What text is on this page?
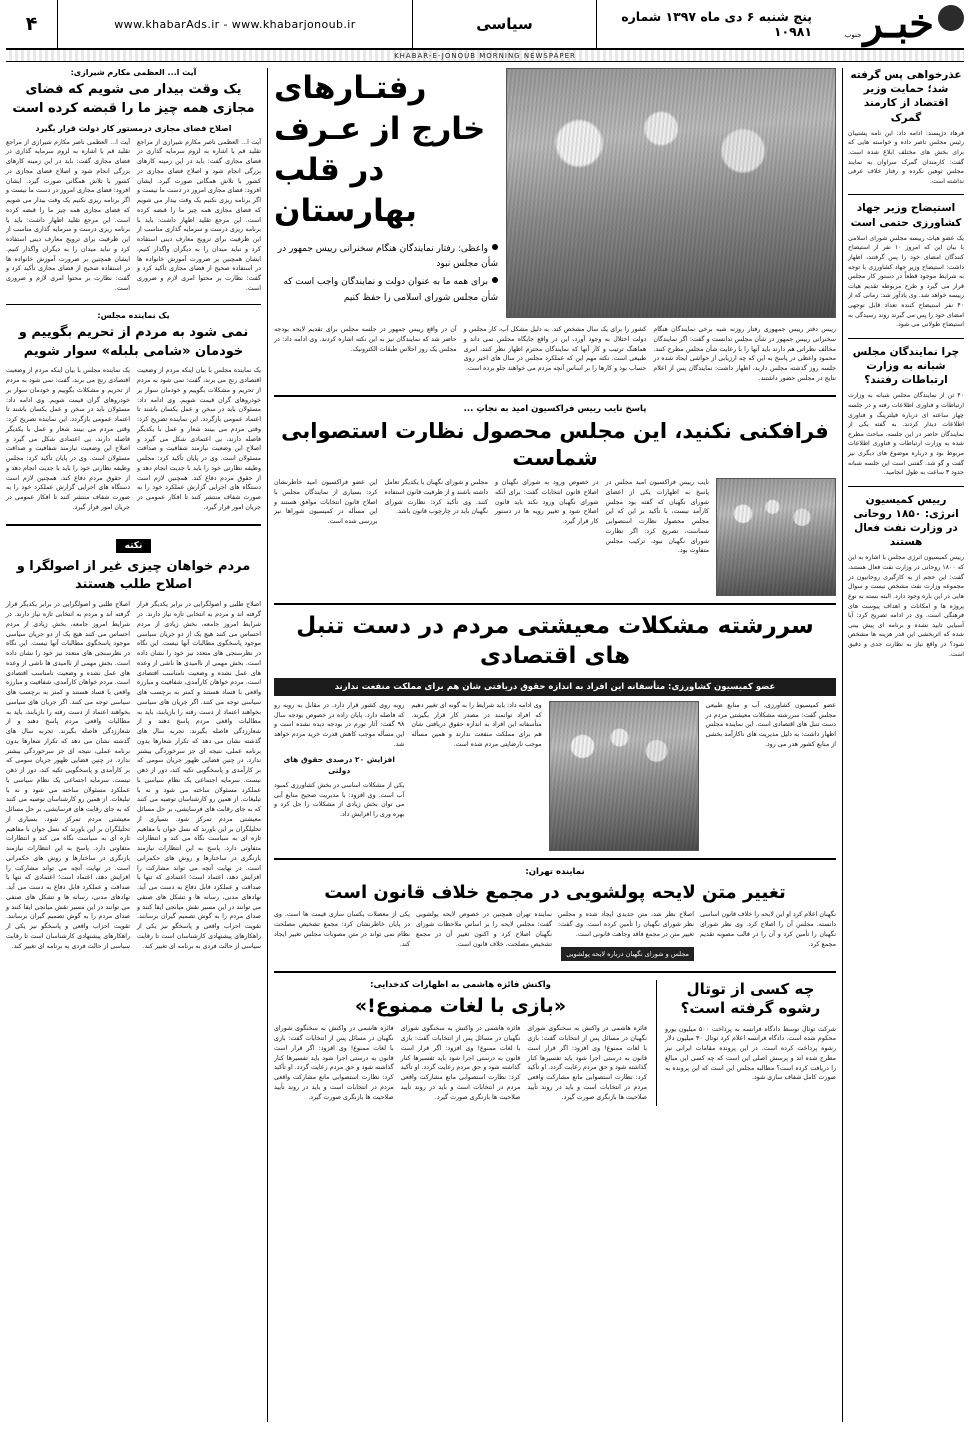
خبـر
جنوب
پنج شنبه ۶ دی ماه ۱۳۹۷ شماره ۱۰۹۸۱
سیاسی
www.khabarAds.ir - www.khabarjonoub.ir
۴
KHABAR-E-JONOUB MORNING NEWSPAPER
عذرخواهی پس گرفته شد؛ حمایت وزیر اقتصاد از کارمند گمرک

فرهاد دژپسند: ادامه داد: این نامه پشتیبان رئیس مجلس ناصر داده و خواسته هایی که برای بخش های مختلف ابلاغ شده است. گفت: کارمندان گمرک سراوان به نمایند مجلس توهین نکرده و رفتار خلاف عرفی نداشته است.

استیضاح وزیر جهاد کشاورزی حتمی است

یک عضو هیات رییسه مجلس شورای اسلامی با بیان این که امروز ۱۰ نفر از استیضاح کنندگان امضای خود را پس گرفتند، اظهار داشت: استیضاح وزیر جهاد کشاورزی با توجه به شرایط موجود قطعاً در دستور کار مجلس قرار می گیرد و طرح مربوطه تقدیم هیات رییسه خواهد شد. وی یادآور شد: زمانی که از ۴۰ نفر استیضاح کننده تعداد قابل توجهی امضای خود را پس می گیرند روند رسیدگی به استیضاح طولانی می شود.

چرا نمایندگان مجلس شبانه به وزارت ارتباطات رفتند؟

۴۰ تن از نمایندگان مجلس شبانه به وزارت ارتباطات و فناوری اطلاعات رفته و در جلسه چهار ساعته ای درباره فیلترینگ و فناوری اطلاعات دیدار کردند. به گفته یکی از نمایندگان حاضر در این جلسه، مباحث مطرح شده به وزارت ارتباطات و فناوری اطلاعات مربوط بود و درباره موضوع های دیگری نیز گفت و گو شد. گفتنی است این جلسه شبانه حدود ۳ ساعت به طول انجامید.

رییس کمیسیون انرژی: ۱۸۵۰ روحانی در وزارت نفت فعال هستند

رییس کمیسیون انرژی مجلس با اشاره به این که ۱۸۰۰ روحانی در وزارت نفت فعال هستند، گفت: این حجم از به کارگیری روحانیون در مجموعه وزارت نفت مشخص نیست و سوال هایی در این باره وجود دارد. البته بسته به نوع پروژه ها و امکانات و اهداف پیوست های فرهنگی است. وی در ادامه تصریح کرد: آیا آسیایی تایید نشده و برنامه ای پیش بینی شده که اثربخشی این قدر هزینه ها مشخص شود؟ در واقع نیاز به نظارت جدی و دقیق است.

رفتـارهای
خارج از عـرف
در قلب بهارستان
واعظی: رفتار نمایندگان هنگام سخنرانی رییس جمهور در شأن مجلس نبود
برای همه ما به عنوان دولت و نمایندگان واجب است که شأن مجلس شورای اسلامی را حفظ کنیم

رییس دفتر رییس جمهوری رفتار روزنه شبه برخی نمایندگان هنگام سخنرانی رییس جمهور در شأن مجلس ندانست و گفت: اگر نمایندگان مخالف نظراتی هم دارند باید آنها را با رعایت شأن مجلس مطرح کنند. محمود واعظی در پاسخ به این که چه ارزیابی از حواشی ایجاد شده در جلسه روز گذشته مجلس دارید، اظهار داشت: نمایندگان پس از اعلام نتایج در مجلس حضور داشتند.

کشور را برای یک سال مشخص کند. به دلیل مشکل آب، کار مجلس و دولت اختلال به وجود آورد، این در واقع جایگاه مجلس نمی داند و هماهنگ ترتیب و کار آنها که نمایندگان محترم اظهار نظر کنند، امری طبیعی است. نکته مهم این که عملکرد مجلس در سال های اخیر روی حساب بود و کارها را بر اساس آنچه مردم می خواهند جلو برده است.

آن در واقع رییس جمهور در جلسه مجلس برای تقدیم لایحه بودجه حاضر شد که نمایندگان نیز به این نکته اشاره کردند. وی ادامه داد: در مجلس یک روز اجلاس طبقات الکترونیک.

پاسخ نایب رییس فراکسیون امید به نجاتِ ...
فرافکنی نکنید، این مجلس محصول نظارت استصوابی شماست

نایب رییس فراکسیون امید مجلس در پاسخ به اظهارات یکی از اعضای شورای نگهبان که گفته بود مجلس کارآمد نیست، با تأکید بر این که این مجلس محصول نظارت استصوابی شماست، تصریح کرد: اگر نظارت شورای نگهبان نبود، ترکیب مجلس متفاوت بود.

در خصوص ورود به شورای نگهبان و اصلاح قانون انتخابات گفت: برای آنکه شورای نگهبان ورود نکند باید قانون اصلاح شود و تغییر رویه ها در دستور کار قرار گیرد.

مجلس و شورای نگهبان با یکدیگر تعامل داشته باشند و از ظرفیت قانون استفاده کنند. وی تأکید کرد: نظارت شورای نگهبان باید در چارچوب قانون باشد.

این عضو فراکسیون امید خاطرنشان کرد: بسیاری از نمایندگان مجلس با اصلاح قانون انتخابات موافق هستند و این مسأله در کمیسیون شوراها نیز بررسی شده است.

سررشته مشکلات معیشتی مردم در دست تنبل های اقتصادی
عضو کمیسیون کشاورزی: متأسفانه این افراد به اندازه حقوق دریافتی شان هم برای مملکت منفعت ندارند

عضو کمیسیون کشاورزی، آب و منابع طبیعی مجلس گفت: سررشته مشکلات معیشتی مردم در دست تنبل های اقتصادی است. این نماینده مجلس اظهار داشت: به دلیل مدیریت های ناکارآمد بخشی از منابع کشور هدر می رود.

وی ادامه داد: باید شرایط را به گونه ای تغییر دهیم که افراد توانمند در مصدر کار قرار بگیرند. متأسفانه این افراد به اندازه حقوق دریافتی شان هم برای مملکت منفعت ندارند و همین مسأله موجب نارضایتی مردم شده است.

روبه روی کشور قرار دارد. در مقابل به روبه رو که فاصله دارد. پایان زاده در خصوص بودجه سال ۹۸ گفت: آثار تورم در بودجه دیده نشده است و این مسأله موجب کاهش قدرت خرید مردم خواهد شد.

افزایش ۲۰ درصدی حقوق های دولتی

یکی از مشکلات اساسی در بخش کشاورزی کمبود آب است. وی افزود: با مدیریت صحیح منابع آبی می توان بخش زیادی از مشکلات را حل کرد و بهره وری را افزایش داد.

نماینده تهران:
تغییر متن لایحه پولشویی در مجمع خلاف قانون است

نگهبان اعلام کرد او این لایحه را خلاف قانون اساسی دانسته. مجلس آن را اصلاح کرد. وی نظر شورای نگهبان را تأمین کرد و آن را در قالب مصوبه تقدیم مجمع کرد.

اصلاح نظر شد، متن جدیدی ایجاد شده و مجلس نظر شورای نگهبان را تأمین کرده است. وی گفت: تغییر متن در مجمع فاقد وجاهت قانونی است.

مجلس و شورای نگهبان درباره لایحه پولشویی

نماینده تهران همچنین در خصوص لایحه پولشویی گفت: مجلس لایحه را بر اساس ملاحظات شورای نگهبان اصلاح کرد و اکنون تغییر آن در مجمع تشخیص مصلحت، خلاف قانون است.

یکی از معضلات یکسان سازی قیمت ها است. وی در پایان خاطرنشان کرد: مجمع تشخیص مصلحت نظام نمی تواند در متن مصوبات مجلس تغییر ایجاد کند.

چه کسی از توتال رشوه گرفته است؟

شرکت توتال توسط دادگاه فرانسه به پرداخت ۵۰۰ میلیون یورو محکوم شده است. دادگاه فرانسه اعلام کرد توتال ۳۰ میلیون دلار رشوه پرداخت کرده است. در این پرونده مقامات ایرانی نیز مطرح شده اند و پرسش اصلی این است که چه کسی این مبالغ را دریافت کرده است؟ مطالبه مجلس این است که این پرونده به صورت کامل شفاف سازی شود.

واکنش فائزه هاشمی به اظهارات کدخدایی:
«بازی با لغات ممنوع!»

فائزه هاشمی در واکنش به سخنگوی شورای نگهبان در مسائل پس از انتخابات گفت: بازی با لغات ممنوع! وی افزود: اگر قرار است قانون به درستی اجرا شود باید تفسیرها کنار گذاشته شود و حق مردم رعایت گردد. او تأکید کرد: نظارت استصوابی مانع مشارکت واقعی مردم در انتخابات است و باید در روند تأیید صلاحیت ها بازنگری صورت گیرد.

فائزه هاشمی در واکنش به سخنگوی شورای نگهبان در مسائل پس از انتخابات گفت: بازی با لغات ممنوع! وی افزود: اگر قرار است قانون به درستی اجرا شود باید تفسیرها کنار گذاشته شود و حق مردم رعایت گردد. او تأکید کرد: نظارت استصوابی مانع مشارکت واقعی مردم در انتخابات است و باید در روند تأیید صلاحیت ها بازنگری صورت گیرد.

فائزه هاشمی در واکنش به سخنگوی شورای نگهبان در مسائل پس از انتخابات گفت: بازی با لغات ممنوع! وی افزود: اگر قرار است قانون به درستی اجرا شود باید تفسیرها کنار گذاشته شود و حق مردم رعایت گردد. او تأکید کرد: نظارت استصوابی مانع مشارکت واقعی مردم در انتخابات است و باید در روند تأیید صلاحیت ها بازنگری صورت گیرد.

آیت ا... العظمی مکارم شیرازی:
یک وقت بیدار می شویم که فضای مجازی همه چیز ما را قبضه کرده است
اصلاح فضای مجازی درمستور کار دولت قرار بگیرد

آیت ا... العظمی ناصر مکارم شیرازی از مراجع تقلید قم با اشاره به لزوم سرمایه گذاری در فضای مجازی گفت: باید در این زمینه کارهای بزرگی انجام شود و اصلاح فضای مجازی در کشور با تلاش همگانی صورت گیرد. ایشان افزود: فضای مجازی امروز در دست ما نیست و اگر برنامه ریزی نکنیم یک وقت بیدار می شویم که فضای مجازی همه چیز ما را قبضه کرده است. این مرجع تقلید اظهار داشت: باید با برنامه ریزی درست و سرمایه گذاری مناسب از این ظرفیت برای ترویج معارف دینی استفاده کرد و نباید میدان را به دیگران واگذار کنیم. ایشان همچنین بر ضرورت آموزش خانواده ها در استفاده صحیح از فضای مجازی تأکید کرد و گفت: نظارت بر محتوا امری لازم و ضروری است.

آیت ا... العظمی ناصر مکارم شیرازی از مراجع تقلید قم با اشاره به لزوم سرمایه گذاری در فضای مجازی گفت: باید در این زمینه کارهای بزرگی انجام شود و اصلاح فضای مجازی در کشور با تلاش همگانی صورت گیرد. ایشان افزود: فضای مجازی امروز در دست ما نیست و اگر برنامه ریزی نکنیم یک وقت بیدار می شویم که فضای مجازی همه چیز ما را قبضه کرده است. این مرجع تقلید اظهار داشت: باید با برنامه ریزی درست و سرمایه گذاری مناسب از این ظرفیت برای ترویج معارف دینی استفاده کرد و نباید میدان را به دیگران واگذار کنیم. ایشان همچنین بر ضرورت آموزش خانواده ها در استفاده صحیح از فضای مجازی تأکید کرد و گفت: نظارت بر محتوا امری لازم و ضروری است.

یک نماینده مجلس:
نمی شود به مردم از تحریم بگوییم و خودمان «شامی بلبله» سوار شویم

یک نماینده مجلس با بیان اینکه مردم از وضعیت اقتصادی رنج می برند، گفت: نمی شود به مردم از تحریم و مشکلات بگوییم و خودمان سوار بر خودروهای گران قیمت شویم. وی ادامه داد: مسئولان باید در سخن و عمل یکسان باشند تا اعتماد عمومی بازگردد. این نماینده تصریح کرد: وقتی مردم می بینند شعار و عمل با یکدیگر فاصله دارند، بی اعتمادی شکل می گیرد و اصلاح این وضعیت نیازمند شفافیت و صداقت مسئولان است. وی در پایان تأکید کرد: مجلس وظیفه نظارتی خود را باید با جدیت انجام دهد و از حقوق مردم دفاع کند. همچنین لازم است دستگاه های اجرایی گزارش عملکرد خود را به صورت شفاف منتشر کنند تا افکار عمومی در جریان امور قرار گیرد.

یک نماینده مجلس با بیان اینکه مردم از وضعیت اقتصادی رنج می برند، گفت: نمی شود به مردم از تحریم و مشکلات بگوییم و خودمان سوار بر خودروهای گران قیمت شویم. وی ادامه داد: مسئولان باید در سخن و عمل یکسان باشند تا اعتماد عمومی بازگردد. این نماینده تصریح کرد: وقتی مردم می بینند شعار و عمل با یکدیگر فاصله دارند، بی اعتمادی شکل می گیرد و اصلاح این وضعیت نیازمند شفافیت و صداقت مسئولان است. وی در پایان تأکید کرد: مجلس وظیفه نظارتی خود را باید با جدیت انجام دهد و از حقوق مردم دفاع کند. همچنین لازم است دستگاه های اجرایی گزارش عملکرد خود را به صورت شفاف منتشر کنند تا افکار عمومی در جریان امور قرار گیرد.

نکته
مردم خواهان چیزی غیر از اصولگرا و اصلاح طلب هستند

اصلاح طلبی و اصولگرایی در برابر یکدیگر قرار گرفته اند و مردم به انتخابی تازه نیاز دارند. در شرایط امروز جامعه، بخش زیادی از مردم احساس می کنند هیچ یک از دو جریان سیاسی موجود پاسخگوی مطالبات آنها نیست. این نگاه در نظرسنجی های متعدد نیز خود را نشان داده است. بخش مهمی از ناامیدی ها ناشی از وعده های عمل نشده و وضعیت نامناسب اقتصادی است. مردم خواهان کارآمدی، شفافیت و مبارزه واقعی با فساد هستند و کمتر به برچسب های سیاسی توجه می کنند. اگر جریان های سیاسی بخواهند اعتماد از دست رفته را بازیابند، باید به مطالبات واقعی مردم پاسخ دهند و از شعارزدگی فاصله بگیرند. تجربه سال های گذشته نشان می دهد که تکرار شعارها بدون برنامه عملی، نتیجه ای جز سرخوردگی بیشتر ندارد. در چنین فضایی ظهور جریان سومی که بر کارآمدی و پاسخگویی تکیه کند، دور از ذهن نیست. سرمایه اجتماعی یک نظام سیاسی با عملکرد مسئولان ساخته می شود و نه با تبلیغات. از همین رو کارشناسان توصیه می کنند که به جای رقابت های فرسایشی، بر حل مسائل معیشتی مردم تمرکز شود. بسیاری از تحلیلگران بر این باورند که نسل جوان با مفاهیم تازه ای به سیاست نگاه می کند و انتظارات متفاوتی دارد. پاسخ به این انتظارات نیازمند بازنگری در ساختارها و روش های حکمرانی است. در نهایت آنچه می تواند مشارکت را افزایش دهد، اعتماد است؛ اعتمادی که تنها با صداقت و عملکرد قابل دفاع به دست می آید. نهادهای مدنی، رسانه ها و تشکل های صنفی می توانند در این مسیر نقش میانجی ایفا کنند و صدای مردم را به گوش تصمیم گیران برسانند. تقویت احزاب واقعی و پاسخگو نیز یکی از راهکارهای پیشنهادی کارشناسان است تا رقابت سیاسی از حالت فردی به برنامه ای تغییر کند.

اصلاح طلبی و اصولگرایی در برابر یکدیگر قرار گرفته اند و مردم به انتخابی تازه نیاز دارند. در شرایط امروز جامعه، بخش زیادی از مردم احساس می کنند هیچ یک از دو جریان سیاسی موجود پاسخگوی مطالبات آنها نیست. این نگاه در نظرسنجی های متعدد نیز خود را نشان داده است. بخش مهمی از ناامیدی ها ناشی از وعده های عمل نشده و وضعیت نامناسب اقتصادی است. مردم خواهان کارآمدی، شفافیت و مبارزه واقعی با فساد هستند و کمتر به برچسب های سیاسی توجه می کنند. اگر جریان های سیاسی بخواهند اعتماد از دست رفته را بازیابند، باید به مطالبات واقعی مردم پاسخ دهند و از شعارزدگی فاصله بگیرند. تجربه سال های گذشته نشان می دهد که تکرار شعارها بدون برنامه عملی، نتیجه ای جز سرخوردگی بیشتر ندارد. در چنین فضایی ظهور جریان سومی که بر کارآمدی و پاسخگویی تکیه کند، دور از ذهن نیست. سرمایه اجتماعی یک نظام سیاسی با عملکرد مسئولان ساخته می شود و نه با تبلیغات. از همین رو کارشناسان توصیه می کنند که به جای رقابت های فرسایشی، بر حل مسائل معیشتی مردم تمرکز شود. بسیاری از تحلیلگران بر این باورند که نسل جوان با مفاهیم تازه ای به سیاست نگاه می کند و انتظارات متفاوتی دارد. پاسخ به این انتظارات نیازمند بازنگری در ساختارها و روش های حکمرانی است. در نهایت آنچه می تواند مشارکت را افزایش دهد، اعتماد است؛ اعتمادی که تنها با صداقت و عملکرد قابل دفاع به دست می آید. نهادهای مدنی، رسانه ها و تشکل های صنفی می توانند در این مسیر نقش میانجی ایفا کنند و صدای مردم را به گوش تصمیم گیران برسانند. تقویت احزاب واقعی و پاسخگو نیز یکی از راهکارهای پیشنهادی کارشناسان است تا رقابت سیاسی از حالت فردی به برنامه ای تغییر کند.
